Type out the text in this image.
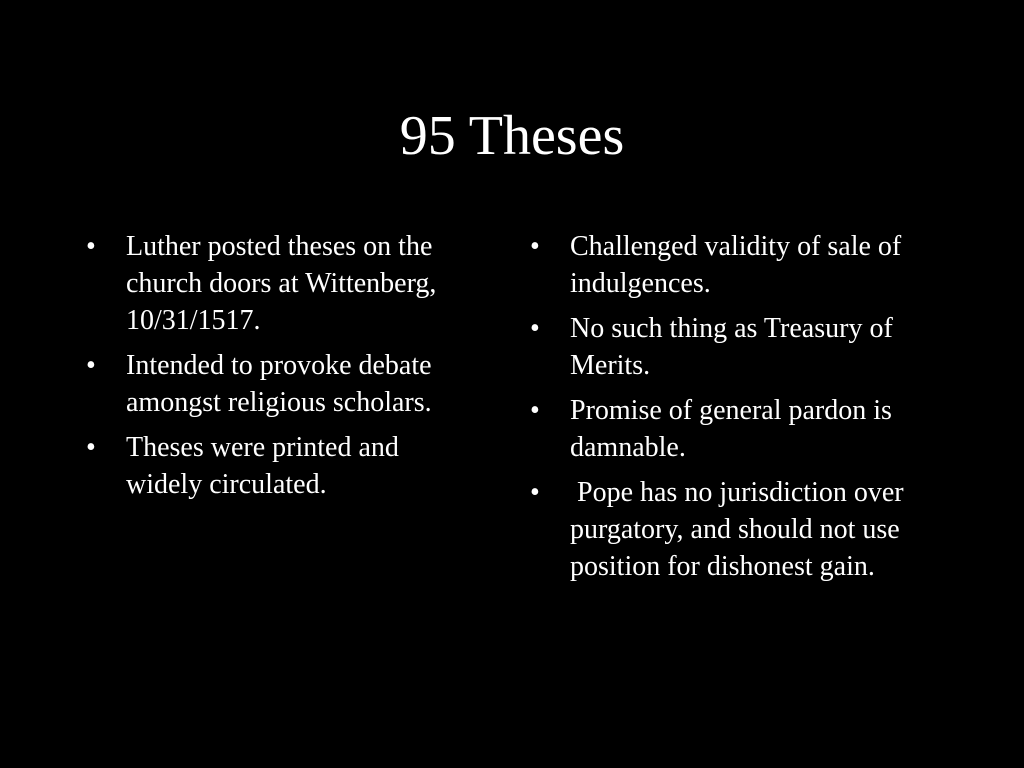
95 Theses
• Luther posted theses on the church doors at Wittenberg, 10/31/1517.
• Intended to provoke debate amongst religious scholars.
• Theses were printed and widely circulated.
• Challenged validity of sale of indulgences.
• No such thing as Treasury of Merits.
• Promise of general pardon is damnable.
• Pope has no jurisdiction over purgatory, and should not use position for dishonest gain.
